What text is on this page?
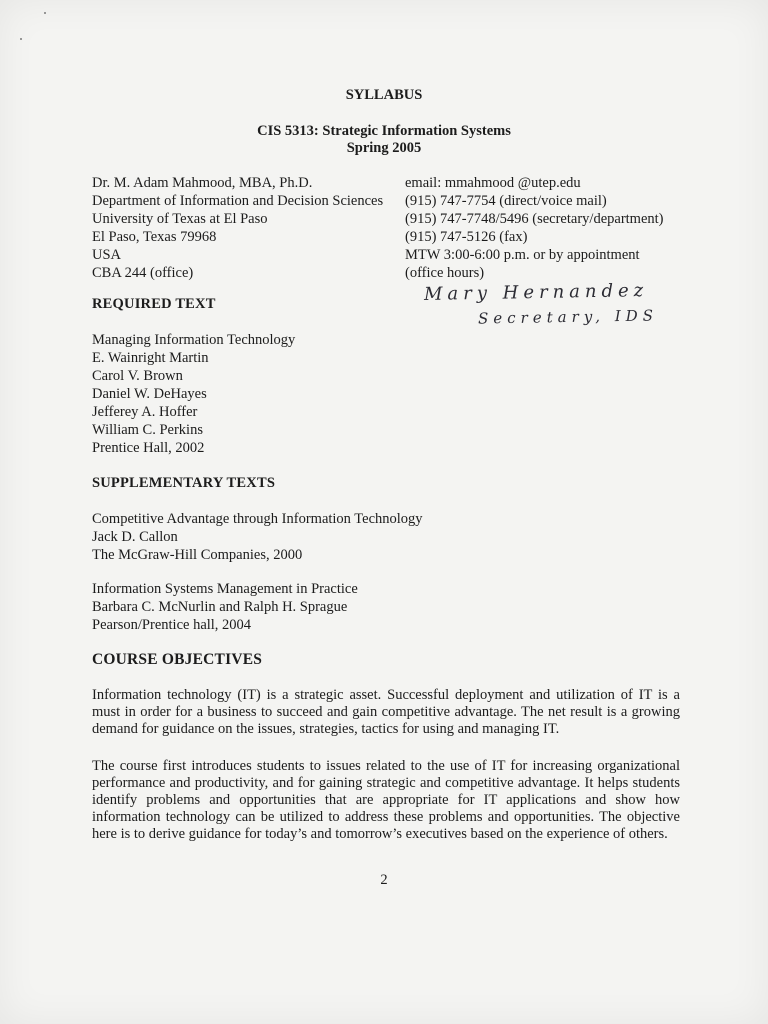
SYLLABUS
CIS 5313: Strategic Information Systems
Spring 2005
Dr. M. Adam Mahmood, MBA, Ph.D.
Department of Information and Decision Sciences
University of Texas at El Paso
El Paso, Texas 79968
USA
CBA 244 (office)
email: mmahmood @utep.edu
(915) 747-7754 (direct/voice mail)
(915) 747-7748/5496 (secretary/department)
(915) 747-5126 (fax)
MTW 3:00-6:00 p.m. or by appointment
(office hours)
Mary Hernandez
Secretary, IDS
REQUIRED TEXT
Managing Information Technology
E. Wainright Martin
Carol V. Brown
Daniel W. DeHayes
Jefferey A. Hoffer
William C. Perkins
Prentice Hall, 2002
SUPPLEMENTARY TEXTS
Competitive Advantage through Information Technology
Jack D. Callon
The McGraw-Hill Companies, 2000
Information Systems Management in Practice
Barbara C. McNurlin and Ralph H. Sprague
Pearson/Prentice hall, 2004
COURSE OBJECTIVES
Information technology (IT) is a strategic asset. Successful deployment and utilization of IT is a must in order for a business to succeed and gain competitive advantage. The net result is a growing demand for guidance on the issues, strategies, tactics for using and managing IT.
The course first introduces students to issues related to the use of IT for increasing organizational performance and productivity, and for gaining strategic and competitive advantage. It helps students identify problems and opportunities that are appropriate for IT applications and show how information technology can be utilized to address these problems and opportunities. The objective here is to derive guidance for today’s and tomorrow’s executives based on the experience of others.
2
